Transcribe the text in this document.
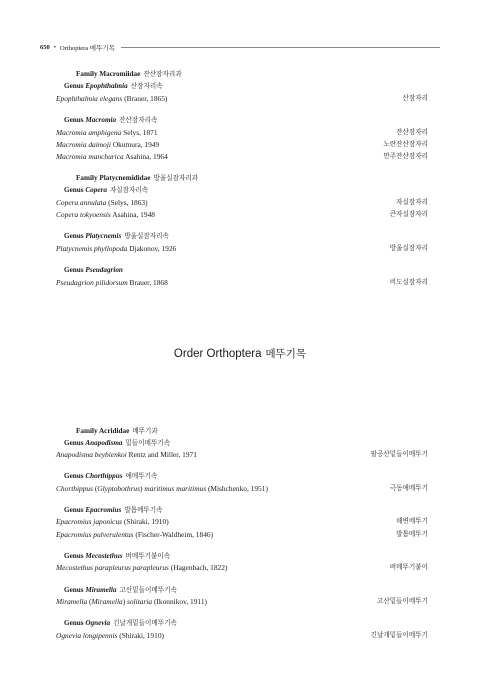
650 • Orthoptera 메뚜기목
Order Orthoptera 메뚜기목
Family Macromiidae 잔산잠자리과
Genus Epophthalmia 산잠자리속
Epophthalmia elegans (Brauer, 1865)	산잠자리
Genus Macromia 잔산잠자리속
Macromia amphigena Selys, 1871	잔산잠자리
Macromia daimoji Okumura, 1949	노란잔산잠자리
Macromia manchurica Asahina, 1964	만주잔산잠자리
Family Platycnemididae 방울실잠자리과
Genus Copera 자실잠자리속
Copera annulata (Selys, 1863)	자실잠자리
Copera tokyoensis Asahina, 1948	큰자실잠자리
Genus Platycnemis 방울실잠자리속
Platycnemis phyllopoda Djakonov, 1926	방울실잠자리
Genus Pseudagrion
Pseudagrion pilidorsum Brauer, 1868	비도실잠자리
Family Acrididae 메뚜기과
Genus Anapodisma 밑들이메뚜기속
Anapodisma beybienkoi Rentz and Miller, 1971	팔공산밑들이메뚜기
Genus Chorthippus 애메뚜기속
Chorthippus (Glyptobothrus) maritimus maritimus (Mishchenko, 1951)	극동애메뚜기
Genus Epacromius 발톱메뚜기속
Epacromius japonicus (Shiraki, 1910)	해변메뚜기
Epacromius pulverulentus (Fischer-Waldheim, 1846)	발톱메뚜기
Genus Mecostethus 버메뚜기붙이속
Mecostethus parapleurus parapleurus (Hagenbach, 1822)	버메뚜기붙이
Genus Miramella 고산밑들이메뚜기속
Miramella (Miramella) solitaria (Ikonnikov, 1911)	고산밑들이메뚜기
Genus Ognevia 긴날개밑들이메뚜기속
Ognevia longipennis (Shiraki, 1910)	긴날개밑들이메뚜기
